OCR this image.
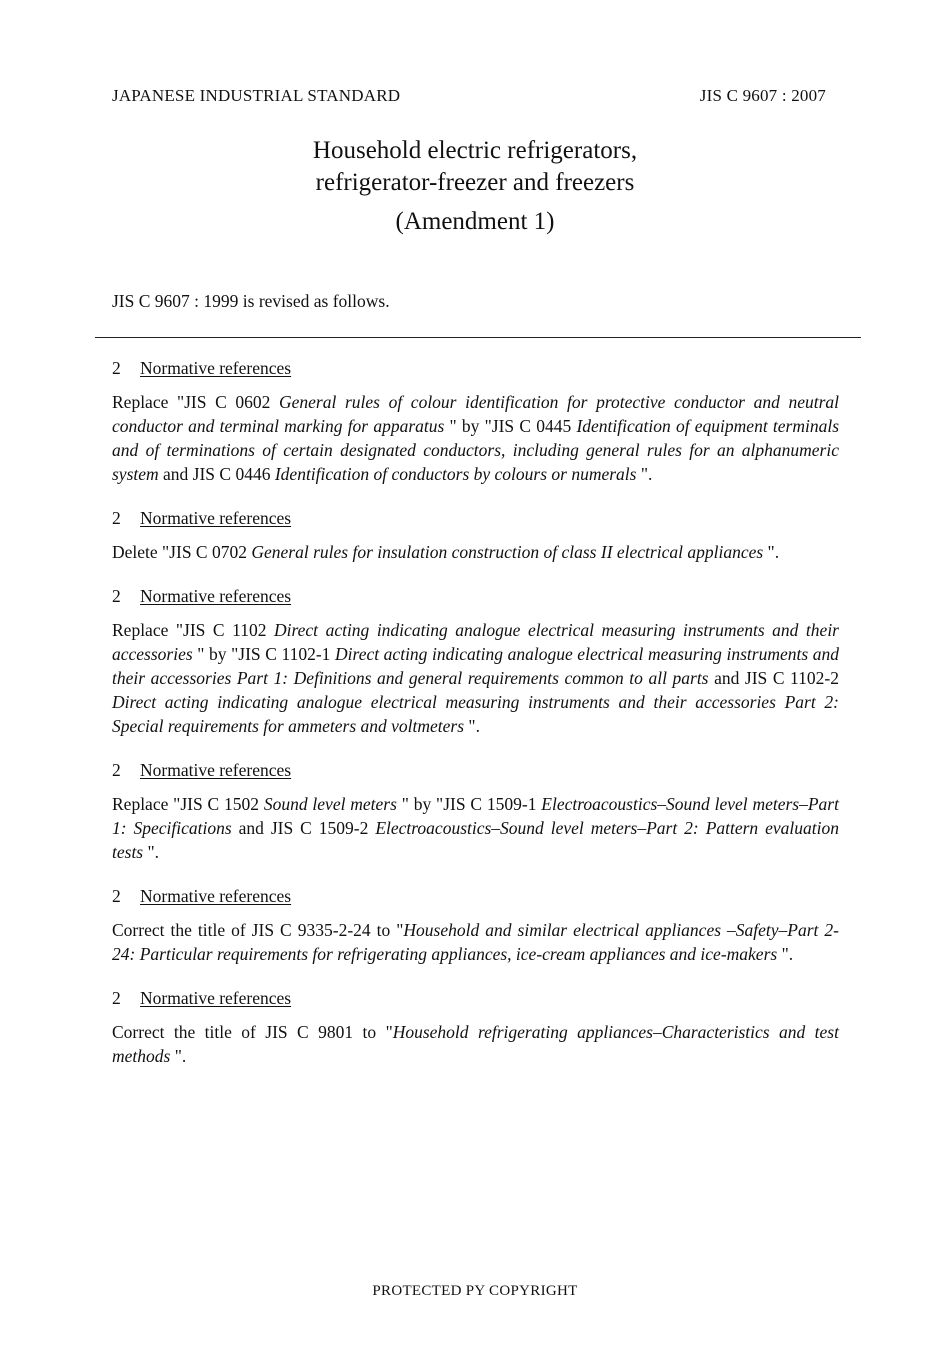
JAPANESE INDUSTRIAL STANDARD	JIS C 9607 : 2007
Household electric refrigerators,
refrigerator-freezer and freezers
(Amendment 1)
JIS C 9607 : 1999 is revised as follows.
2 Normative references
Replace "JIS C 0602 General rules of colour identification for protective conductor and neutral conductor and terminal marking for apparatus " by "JIS C 0445 Identification of equipment terminals and of terminations of certain designated conductors, including general rules for an alphanumeric system and JIS C 0446 Identification of conductors by colours or numerals ".
2 Normative references
Delete "JIS C 0702 General rules for insulation construction of class II electrical appliances ".
2 Normative references
Replace "JIS C 1102 Direct acting indicating analogue electrical measuring instruments and their accessories " by "JIS C 1102-1 Direct acting indicating analogue electrical measuring instruments and their accessories Part 1: Definitions and general requirements common to all parts and JIS C 1102-2 Direct acting indicating analogue electrical measuring instruments and their accessories Part 2: Special requirements for ammeters and voltmeters ".
2 Normative references
Replace "JIS C 1502 Sound level meters " by "JIS C 1509-1 Electroacoustics–Sound level meters–Part 1: Specifications and JIS C 1509-2 Electroacoustics–Sound level meters–Part 2: Pattern evaluation tests ".
2 Normative references
Correct the title of JIS C 9335-2-24 to "Household and similar electrical appliances –Safety–Part 2-24: Particular requirements for refrigerating appliances, ice-cream appliances and ice-makers ".
2 Normative references
Correct the title of JIS C 9801 to "Household refrigerating appliances–Characteristics and test methods ".
PROTECTED PY COPYRIGHT
